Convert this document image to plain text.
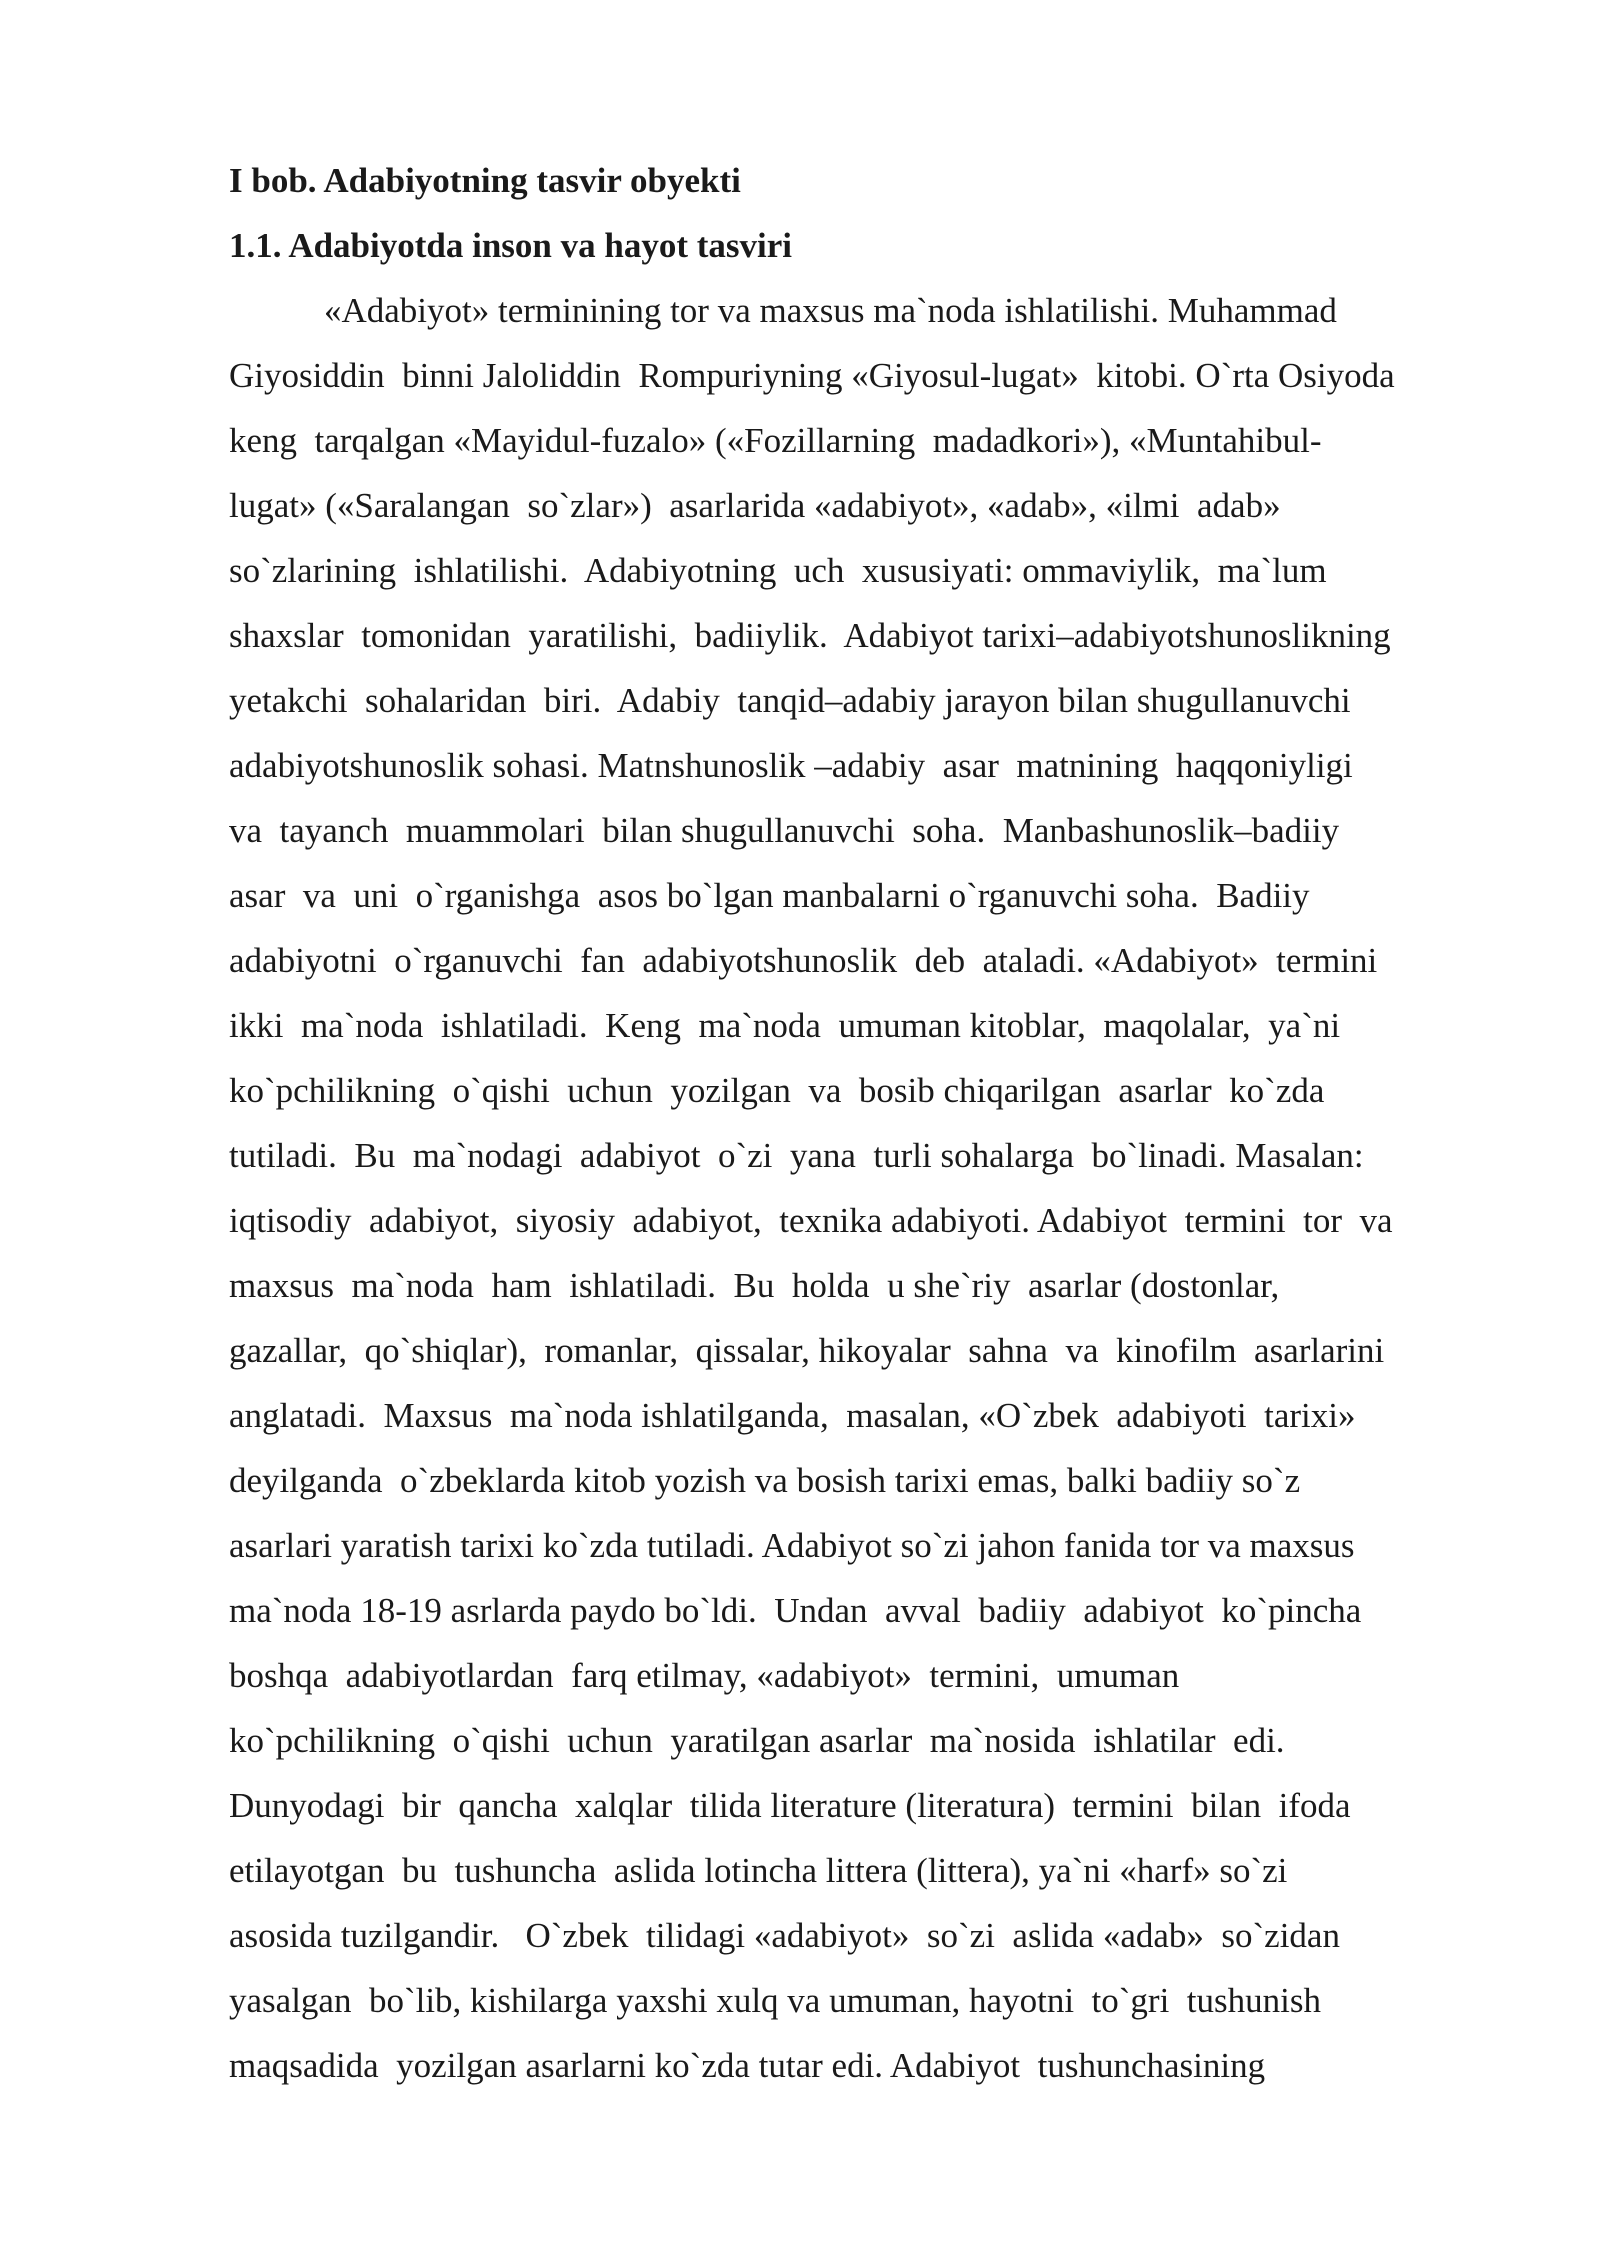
I bob. Adabiyotning tasvir obyekti
1.1. Adabiyotda inson va hayot tasviri
«Adabiyot» terminining tor va maxsus ma`noda ishlatilishi. Muhammad
Giyosiddin  binni Jaloliddin  Rompuriyning «Giyosul-lugat»  kitobi. O`rta Osiyoda
keng  tarqalgan «Mayidul-fuzalo» («Fozillarning  madadkori»), «Muntahibul-
lugat» («Saralangan  so`zlar»)  asarlarida «adabiyot», «adab», «ilmi  adab»
so`zlarining  ishlatilishi.  Adabiyotning  uch  xususiyati: ommaviylik,  ma`lum
shaxslar  tomonidan  yaratilishi,  badiiylik.  Adabiyot tarixi–adabiyotshunoslikning
yetakchi  sohalaridan  biri.  Adabiy  tanqid–adabiy jarayon bilan shugullanuvchi
adabiyotshunoslik sohasi. Matnshunoslik –adabiy  asar  matnining  haqqoniyligi
va  tayanch  muammolari  bilan shugullanuvchi  soha.  Manbashunoslik–badiiy
asar  va  uni  o`rganishga  asos bo`lgan manbalarni o`rganuvchi soha.  Badiiy
adabiyotni  o`rganuvchi  fan  adabiyotshunoslik  deb  ataladi. «Adabiyot»  termini
ikki  ma`noda  ishlatiladi.  Keng  ma`noda  umuman kitoblar,  maqolalar,  ya`ni
ko`pchilikning  o`qishi  uchun  yozilgan  va  bosib chiqarilgan  asarlar  ko`zda
tutiladi.  Bu  ma`nodagi  adabiyot  o`zi  yana  turli sohalarga  bo`linadi. Masalan:
iqtisodiy  adabiyot,  siyosiy  adabiyot,  texnika adabiyoti. Adabiyot  termini  tor  va
maxsus  ma`noda  ham  ishlatiladi.  Bu  holda  u she`riy  asarlar (dostonlar,
gazallar,  qo`shiqlar),  romanlar,  qissalar, hikoyalar  sahna  va  kinofilm  asarlarini
anglatadi.  Maxsus  ma`noda ishlatilganda,  masalan, «O`zbek  adabiyoti  tarixi»
deyilganda  o`zbeklarda kitob yozish va bosish tarixi emas, balki badiiy so`z
asarlari yaratish tarixi ko`zda tutiladi. Adabiyot so`zi jahon fanida tor va maxsus
ma`noda 18-19 asrlarda paydo bo`ldi.  Undan  avval  badiiy  adabiyot  ko`pincha
boshqa  adabiyotlardan  farq etilmay, «adabiyot»  termini,  umuman
ko`pchilikning  o`qishi  uchun  yaratilgan asarlar  ma`nosida  ishlatilar  edi.
Dunyodagi  bir  qancha  xalqlar  tilida literature (literatura)  termini  bilan  ifoda
etilayotgan  bu  tushuncha  aslida lotincha littera (littera), ya`ni «harf» so`zi
asosida tuzilgandir.   O`zbek  tilidagi «adabiyot»  so`zi  aslida «adab»  so`zidan
yasalgan  bo`lib, kishilarga yaxshi xulq va umuman, hayotni  to`gri  tushunish
maqsadida  yozilgan asarlarni ko`zda tutar edi. Adabiyot  tushunchasining
